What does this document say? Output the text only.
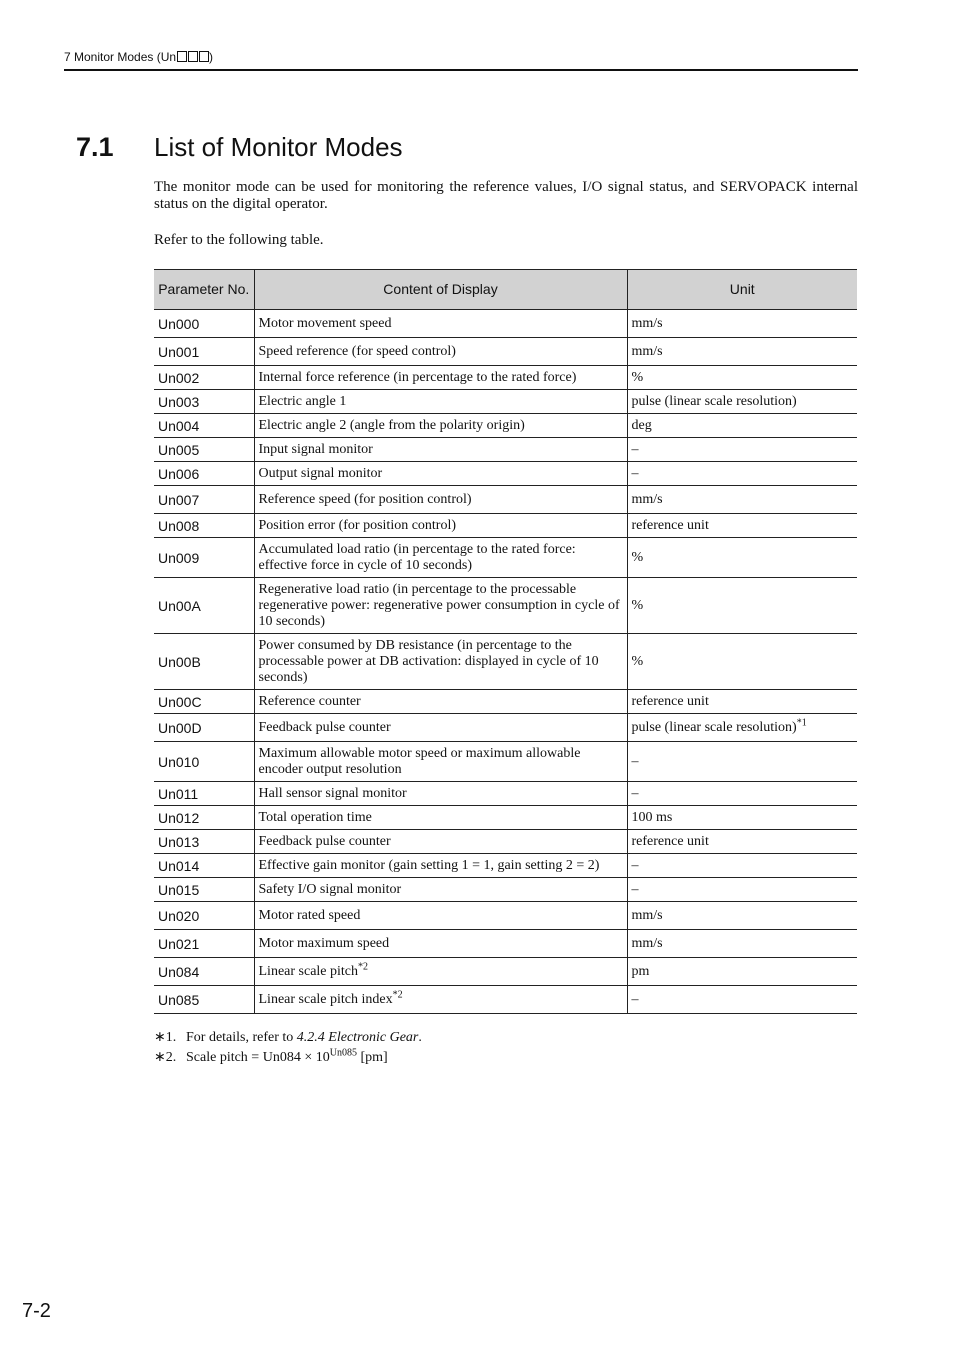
7 Monitor Modes (Un	)
7.1 List of Monitor Modes

The monitor mode can be used for monitoring the reference values, I/O signal status, and SERVOPACK internal status on the digital operator.

Refer to the following table.

Parameter No.	Content of Display	Unit
Un000	Motor movement speed	mm/s
Un001	Speed reference (for speed control)	mm/s
Un002	Internal force reference (in percentage to the rated force)	%
Un003	Electric angle 1	pulse (linear scale resolution)
Un004	Electric angle 2 (angle from the polarity origin)	deg
Un005	Input signal monitor	–
Un006	Output signal monitor	–
Un007	Reference speed (for position control)	mm/s
Un008	Position error (for position control)	reference unit
Un009	Accumulated load ratio (in percentage to the rated force: effective force in cycle of 10 seconds)	%
Un00A	Regenerative load ratio (in percentage to the processable regenerative power: regenerative power consumption in cycle of 10 seconds)	%
Un00B	Power consumed by DB resistance (in percentage to the processable power at DB activation: displayed in cycle of 10 seconds)	%
Un00C	Reference counter	reference unit
Un00D	Feedback pulse counter	pulse (linear scale resolution)$^{*1}$
Un010	Maximum allowable motor speed or maximum allowable encoder output resolution	–
Un011	Hall sensor signal monitor	–
Un012	Total operation time	100 ms
Un013	Feedback pulse counter	reference unit
Un014	Effective gain monitor (gain setting 1 = 1, gain setting 2 = 2)	–
Un015	Safety I/O signal monitor	–
Un020	Motor rated speed	mm/s
Un021	Motor maximum speed	mm/s
Un084	Linear scale pitch$^{*2}$	pm
Un085	Linear scale pitch index$^{*2}$	–
∗1. For details, refer to 4.2.4 Electronic Gear.
∗2. Scale pitch = $Un084 \times 10^{Un085}$ [pm]
7-2
